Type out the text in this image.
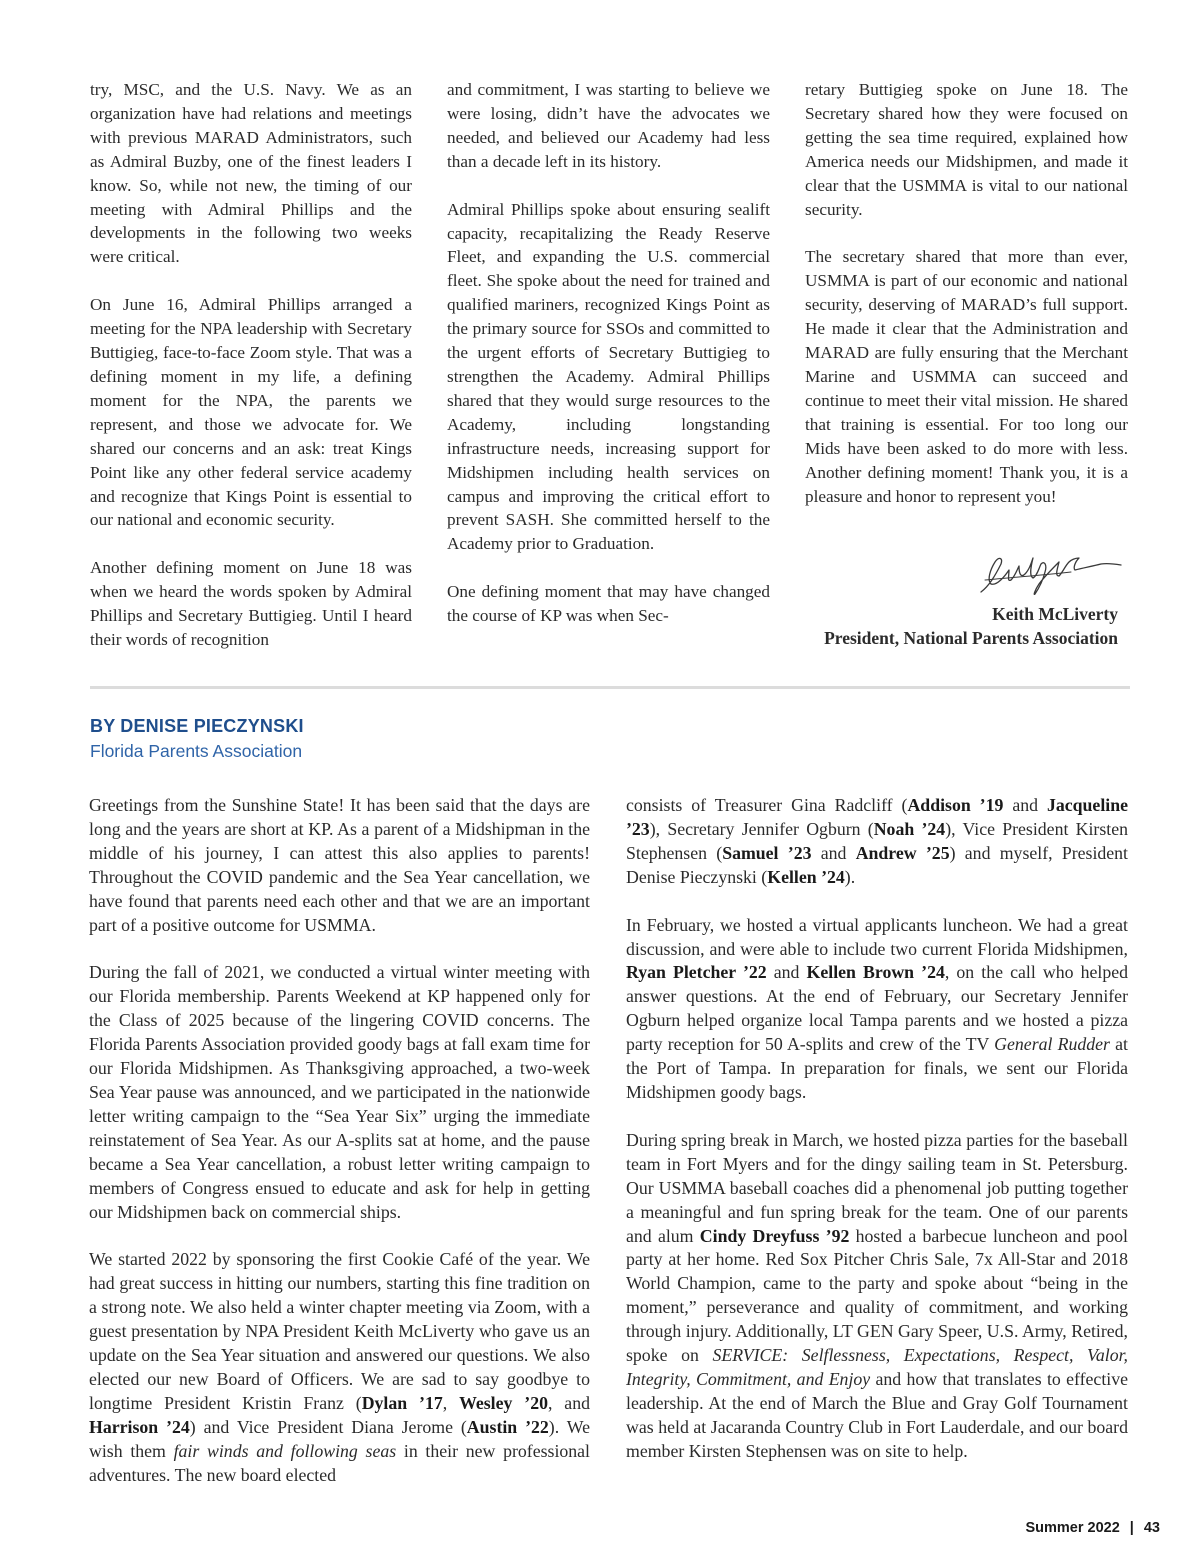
try, MSC, and the U.S. Navy. We as an organization have had relations and meetings with previous MARAD Administrators, such as Admiral Buzby, one of the finest leaders I know. So, while not new, the timing of our meeting with Admiral Phillips and the developments in the following two weeks were critical.

On June 16, Admiral Phillips arranged a meeting for the NPA leadership with Secretary Buttigieg, face-to-face Zoom style. That was a defining moment in my life, a defining moment for the NPA, the parents we represent, and those we advocate for. We shared our concerns and an ask: treat Kings Point like any other federal service academy and recognize that Kings Point is essential to our national and economic security.

Another defining moment on June 18 was when we heard the words spoken by Admiral Phillips and Secretary Buttigieg. Until I heard their words of recognition

and commitment, I was starting to believe we were losing, didn’t have the advocates we needed, and believed our Academy had less than a decade left in its history.

Admiral Phillips spoke about ensuring sealift capacity, recapitalizing the Ready Reserve Fleet, and expanding the U.S. commercial fleet. She spoke about the need for trained and qualified mariners, recognized Kings Point as the primary source for SSOs and committed to the urgent efforts of Secretary Buttigieg to strengthen the Academy. Admiral Phillips shared that they would surge resources to the Academy, including longstanding infrastructure needs, increasing support for Midshipmen including health services on campus and improving the critical effort to prevent SASH. She committed herself to the Academy prior to Graduation.

One defining moment that may have changed the course of KP was when Sec-

retary Buttigieg spoke on June 18. The Secretary shared how they were focused on getting the sea time required, explained how America needs our Midshipmen, and made it clear that the USMMA is vital to our national security.

The secretary shared that more than ever, USMMA is part of our economic and national security, deserving of MARAD’s full support. He made it clear that the Administration and MARAD are fully ensuring that the Merchant Marine and USMMA can succeed and continue to meet their vital mission. He shared that training is essential. For too long our Mids have been asked to do more with less. Another defining moment! Thank you, it is a pleasure and honor to represent you!

Keith McLiverty
President, National Parents Association
BY DENISE PIECZYNSKI
Florida Parents Association

Greetings from the Sunshine State! It has been said that the days are long and the years are short at KP. As a parent of a Midshipman in the middle of his journey, I can attest this also applies to parents! Throughout the COVID pandemic and the Sea Year cancellation, we have found that parents need each other and that we are an important part of a positive outcome for USMMA.

During the fall of 2021, we conducted a virtual winter meeting with our Florida membership. Parents Weekend at KP happened only for the Class of 2025 because of the lingering COVID concerns. The Florida Parents Association provided goody bags at fall exam time for our Florida Midshipmen. As Thanksgiving approached, a two-week Sea Year pause was announced, and we participated in the nationwide letter writing campaign to the “Sea Year Six” urging the immediate reinstatement of Sea Year. As our A-splits sat at home, and the pause became a Sea Year cancellation, a robust letter writing campaign to members of Congress ensued to educate and ask for help in getting our Midshipmen back on commercial ships.

We started 2022 by sponsoring the first Cookie Café of the year. We had great success in hitting our numbers, starting this fine tradition on a strong note. We also held a winter chapter meeting via Zoom, with a guest presentation by NPA President Keith McLiverty who gave us an update on the Sea Year situation and answered our questions. We also elected our new Board of Officers. We are sad to say goodbye to longtime President Kristin Franz (Dylan ’17, Wesley ’20, and Harrison ’24) and Vice President Diana Jerome (Austin ’22). We wish them fair winds and following seas in their new professional adventures. The new board elected

consists of Treasurer Gina Radcliff (Addison ’19 and Jacqueline ’23), Secretary Jennifer Ogburn (Noah ’24), Vice President Kirsten Stephensen (Samuel ’23 and Andrew ’25) and myself, President Denise Pieczynski (Kellen ’24).

In February, we hosted a virtual applicants luncheon. We had a great discussion, and were able to include two current Florida Midshipmen, Ryan Pletcher ’22 and Kellen Brown ’24, on the call who helped answer questions. At the end of February, our Secretary Jennifer Ogburn helped organize local Tampa parents and we hosted a pizza party reception for 50 A-splits and crew of the TV General Rudder at the Port of Tampa. In preparation for finals, we sent our Florida Midshipmen goody bags.

During spring break in March, we hosted pizza parties for the baseball team in Fort Myers and for the dingy sailing team in St. Petersburg. Our USMMA baseball coaches did a phenomenal job putting together a meaningful and fun spring break for the team. One of our parents and alum Cindy Dreyfuss ’92 hosted a barbecue luncheon and pool party at her home. Red Sox Pitcher Chris Sale, 7x All-Star and 2018 World Champion, came to the party and spoke about “being in the moment,” perseverance and quality of commitment, and working through injury. Additionally, LT GEN Gary Speer, U.S. Army, Retired, spoke on SERVICE: Selflessness, Expectations, Respect, Valor, Integrity, Commitment, and Enjoy and how that translates to effective leadership. At the end of March the Blue and Gray Golf Tournament was held at Jacaranda Country Club in Fort Lauderdale, and our board member Kirsten Stephensen was on site to help.

Summer 2022 | 43
